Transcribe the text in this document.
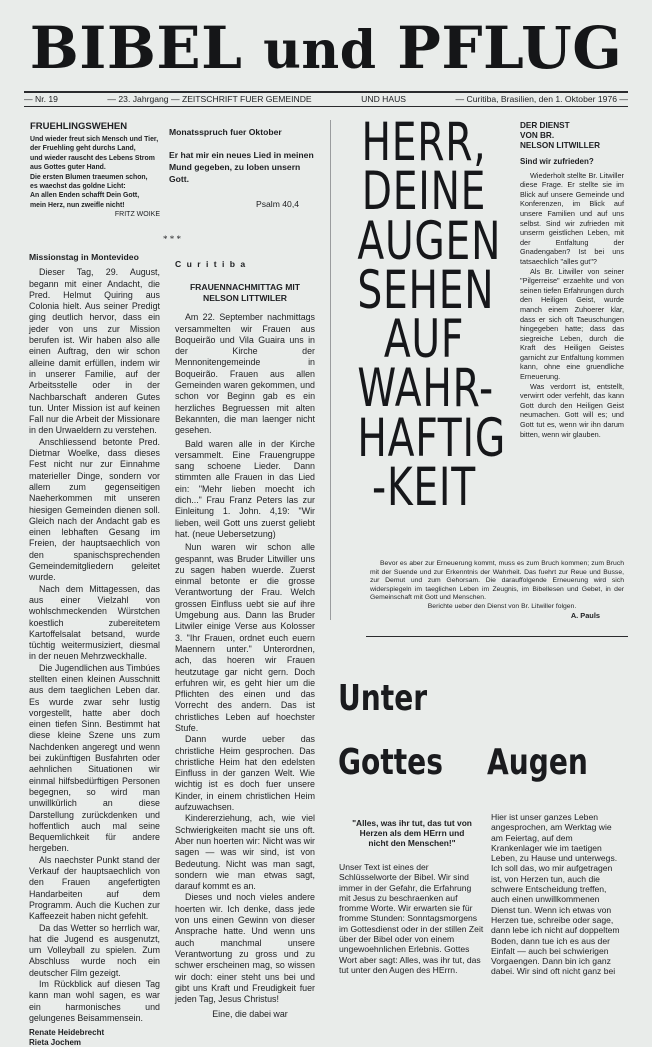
BIBEL und PFLUG
— Nr. 19	— 23. Jahrgang — ZEITSCHRIFT FUER GEMEINDE	UND HAUS	— Curitiba, Brasilien, den 1. Oktober 1976 —
FRUEHLINGSWEHEN
Und wieder freut sich Mensch und Tier,
der Fruehling geht durchs Land,
und wieder rauscht des Lebens Strom
aus Gottes guter Hand.
Die ersten Blumen traeumen schon,
es waechst das goldne Licht:
An allen Enden schafft Dein Gott,
mein Herz, nun zweifle nicht!
FRITZ WOIKE
Monatsspruch fuer Oktober
Er hat mir ein neues Lied in meinen Mund gegeben, zu loben unsern Gott.
Psalm 40,4
* * *
Missionstag in Montevideo

Dieser Tag, 29. August, begann mit einer Andacht, die Pred. Helmut Quiring aus Colonia hielt. Aus seiner Predigt ging deutlich hervor, dass ein jeder von uns zur Mission berufen ist. Wir haben also alle einen Auftrag, den wir schon alleine damit erfüllen, indem wir in unserer Familie, auf der Arbeitsstelle oder in der Nachbarschaft anderen Gutes tun. Unter Mission ist auf keinen Fall nur die Arbeit der Missionare in den Urwaeldern zu verstehen.

Anschliessend betonte Pred. Dietmar Woelke, dass dieses Fest nicht nur zur Einnahme materieller Dinge, sondern vor allem zum gegenseitigen Naeherkommen mit unseren hiesigen Gemeinden dienen soll. Gleich nach der Andacht gab es einen lebhaften Gesang im Freien, der hauptsaechlich von den spanischsprechenden Gemeindemitgliedern geleitet wurde.

Nach dem Mittagessen, das aus einer Vielzahl von wohlschmeckenden Würstchen koestlich zubereitetem Kartoffelsalat betsand, wurde tüchtig weitermusiziert, diesmal in der neuen Mehrzweckhalle.

Die Jugendlichen aus Timbúes stellten einen kleinen Ausschnitt aus dem taeglichen Leben dar. Es wurde zwar sehr lustig vorgestellt, hatte aber doch einen tiefen Sinn. Bestimmt hat diese kleine Szene uns zum Nachdenken angeregt und wenn bei zukünftigen Busfahrten oder aehnlichen Situationen wir einmal hilfsbedürftigen Personen begegnen, so wird man unwillkürlich an diese Darstellung zurückdenken und hoffentlich auch mal seine Bequemlichkeit für andere hergeben.

Als naechster Punkt stand der Verkauf der hauptsaechlich von den Frauen angefertigten Handarbeiten auf dem Programm. Auch die Kuchen zur Kaffeezeit haben nicht gefehlt.

Da das Wetter so herrlich war, hat die Jugend es ausgenutzt, um Volleyball zu spielen. Zum Abschluss wurde noch ein deutscher Film gezeigt.

Im Rückblick auf diesen Tag kann man wohl sagen, es war ein harmonisches und gelungenes Beisammensein.

Renate Heidebrecht
Rieta Jochem
C u r i t i b a
FRAUENNACHMITTAG MIT NELSON LITTWILER

Am 22. September nachmittags versammelten wir Frauen aus Boqueirão und Vila Guaira uns in der Kirche der Mennonitengemeinde in Boqueirão. Frauen aus allen Gemeinden waren gekommen, und schon vor Beginn gab es ein herzliches Begruessen mit alten Bekannten, die man laenger nicht gesehen.

Bald waren alle in der Kirche versammelt. Eine Frauengruppe sang schoene Lieder. Dann stimmten alle Frauen in das Lied ein: "Mehr lieben moecht ich dich..." Frau Franz Peters las zur Einleitung 1. John. 4,19: "Wir lieben, weil Gott uns zuerst geliebt hat. (neue Uebersetzung)

Nun waren wir schon alle gespannt, was Bruder Litwiller uns zu sagen haben wuerde. Zuerst einmal betonte er die grosse Verantwortung der Frau. Welch grossen Einfluss uebt sie auf ihre Umgebung aus. Dann las Bruder Litwiler einige Verse aus Kolosser 3. "Ihr Frauen, ordnet euch euern Maennern unter." Unterordnen, ach, das hoeren wir Frauen heutzutage gar nicht gern. Doch erfuhren wir, es geht hier um die Pflichten des einen und das Vorrecht des andern. Das ist christliches Leben auf hoechster Stufe.

Dann wurde ueber das christliche Heim gesprochen. Das christliche Heim hat den edelsten Einfluss in der ganzen Welt. Wie wichtig ist es doch fuer unsere Kinder, in einem christlichen Heim aufzuwachsen.

Kindererziehung, ach, wie viel Schwierigkeiten macht sie uns oft. Aber nun hoerten wir: Nicht was wir sagen — was wir sind, ist von Bedeutung. Nicht was man sagt, sondern wie man etwas sagt, darauf kommt es an.

Dieses und noch vieles andere hoerten wir. Ich denke, dass jede von uns einen Gewinn von dieser Ansprache hatte. Und wenn uns auch manchmal unsere Verantwortung zu gross und zu schwer erscheinen mag, so wissen wir doch: einer steht uns bei und gibt uns Kraft und Freudigkeit fuer jeden Tag, Jesus Christus!

Eine, die dabei war

HERR,
DEINE
AUGEN
SEHEN
AUF
WAHR-
HAFTIG
-KEIT
DER DIENST
VON BR.
NELSON LITWILLER
Sind wir zufrieden?

Wiederholt stellte Br. Litwiller diese Frage. Er stellte sie im Blick auf unsere Gemeinde und Konferenzen, im Blick auf unsere Familien und auf uns selbst. Sind wir zufrieden mit unserm geistlichen Leben, mit der Entfaltung der Gnadengaben? Ist bei uns tatsaechlich "alles gut"?

Als Br. Litwiller von seiner "Pilgerreise" erzaehlte und von seinen tiefen Erfahrungen durch den Heiligen Geist, wurde manch einem Zuhoerer klar, dass er sich oft Taeuschungen hingegeben hatte; dass das siegreiche Leben, durch die Kraft des Heiligen Geistes garnicht zur Entfaltung kommen kann, ohne eine gruendliche Erneuerung.

Was verdorrt ist, entstellt, verwirrt oder verfehlt, das kann Gott durch den Heiligen Geist neumachen. Gott will es; und Gott tut es, wenn wir ihn darum bitten, wenn wir glauben.

Bevor es aber zur Erneuerung kommt, muss es zum Bruch kommen; zum Bruch mit der Suende und zur Erkenntnis der Wahrheit. Das fuehrt zur Reue und Busse, zur Demut und zum Gehorsam. Die darauffolgende Erneuerung wird sich widerspiegeln im taeglichen Leben im Zeugnis, im Bibellesen und Gebet, in der Gemeinschaft mit Gott und Menschen.

Berichte ueber den Dienst von Br. Litwiller folgen.

A. Pauls
Unter
Gottes Augen
"Alles, was ihr tut, das tut von Herzen als dem HErrn und nicht den Menschen!"
Unser Text ist eines der Schlüsselworte der Bibel. Wir sind immer in der Gefahr, die Erfahrung mit Jesus zu beschraenken auf fromme Worte. Wir erwarten sie für fromme Stunden: Sonntagsmorgens im Gottesdienst oder in der stillen Zeit über der Bibel oder von einem ungewoehnlichen Erlebnis. Gottes Wort aber sagt: Alles, was ihr tut, das tut unter den Augen des HErrn.
Hier ist unser ganzes Leben angesprochen, am Werktag wie am Feiertag, auf dem Krankenlager wie im taetigen Leben, zu Hause und unterwegs. Ich soll das, wo mir aufgetragen ist, von Herzen tun, auch die schwere Entscheidung treffen, auch einen unwillkommenen Dienst tun. Wenn ich etwas von Herzen tue, schreibe oder sage, dann lebe ich nicht auf doppeltem Boden, dann tue ich es aus der Einfalt — auch bei schwierigen Vorgaengen. Dann bin ich ganz dabei. Wir sind oft nicht ganz bei
